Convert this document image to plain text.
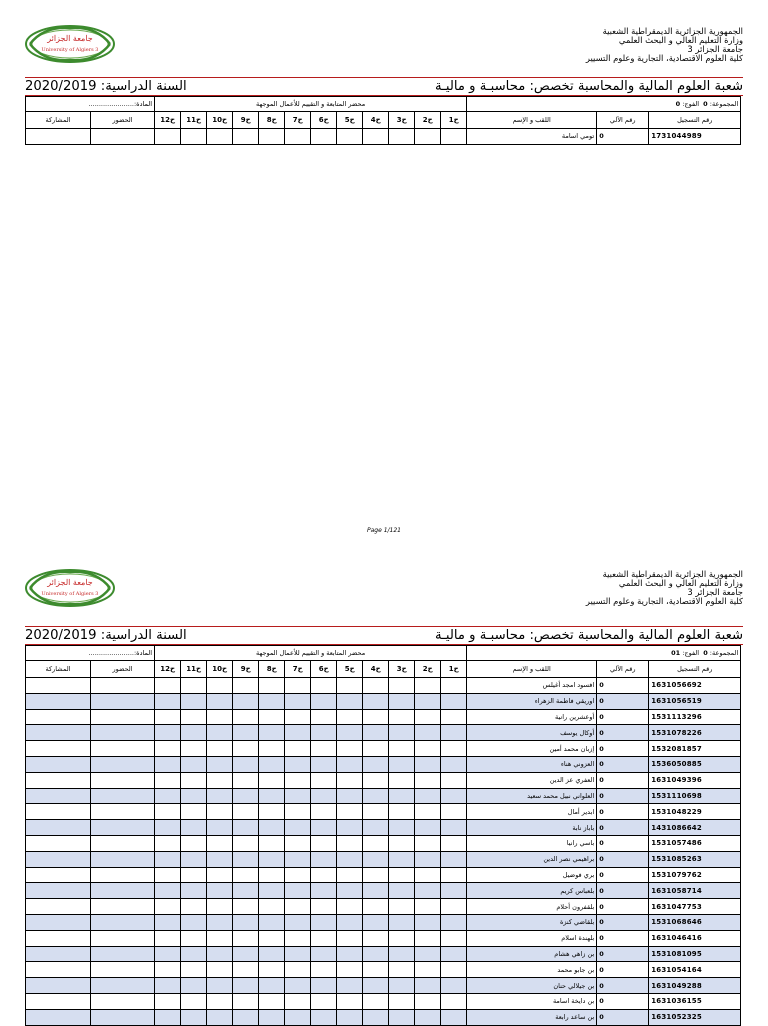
جامعة الجزائر
University of Algiers 3
الجمهورية الجزائرية الديمقراطية الشعبية
وزارة التعليم العالي و البحث العلمي
جامعة الجزائر 3
كلية العلوم الاقتصادية، التجارية وعلوم التسيير
شعبة العلوم المالية والمحاسبة تخصص: محاسبـة و ماليـة
السنة الدراسية: 2020/2019
المجموعة: 0  الفوج: 0			محضر المتابعة و التقييم للأعمال الموجهة												المادة:......................	
رقم التسجيل	رقم الآلي	اللقب و الإسم	ح1	ح2	ح3	ح4	ح5	ح6	ح7	ح8	ح9	ح10	ح11	ح12	الحضور	المشاركة
1731044989	0	تومي اسامة														
Page 1/121
جامعة الجزائر
University of Algiers 3
الجمهورية الجزائرية الديمقراطية الشعبية
وزارة التعليم العالي و البحث العلمي
جامعة الجزائر 3
كلية العلوم الاقتصادية، التجارية وعلوم التسيير
شعبة العلوم المالية والمحاسبة تخصص: محاسبـة و ماليـة
السنة الدراسية: 2020/2019
المجموعة: 0  الفوج: 01			محضر المتابعة و التقييم للأعمال الموجهة												المادة:......................	
رقم التسجيل	رقم الآلي	اللقب و الإسم	ح1	ح2	ح3	ح4	ح5	ح6	ح7	ح8	ح9	ح10	ح11	ح12	الحضور	المشاركة
1631056692	0	افسود امجد أغيلس														
1631056519	0	اوريقي فاطمة الزهراء														
1531113296	0	أوعشرين رانية														
1531078226	0	أوكال يوسف														
1532081857	0	إزبان محمد أمين														
1536050885	0	العزوني هناء														
1631049396	0	العفري عز الدين														
1531110698	0	العلواني نبيل محمد سعيد														
1531048229	0	ابدير أمال														
1431086642	0	باباز نابة														
1531057486	0	باسي رانيا														
1531085263	0	براهيمي نصر الدين														
1531079762	0	بري فوضيل														
1631058714	0	بلعباس كريم														
1631047753	0	بلقفرون أحلام														
1531068646	0	بلقاضي كنزة														
1631046416	0	بلهندة اسلام														
1531081095	0	بن زاهي هشام														
1631054164	0	بن جابو محمد														
1631049288	0	بن جيلالي حنان														
1631036155	0	بن دايخة اسامة														
1631052325	0	بن ساعد رابعة														
